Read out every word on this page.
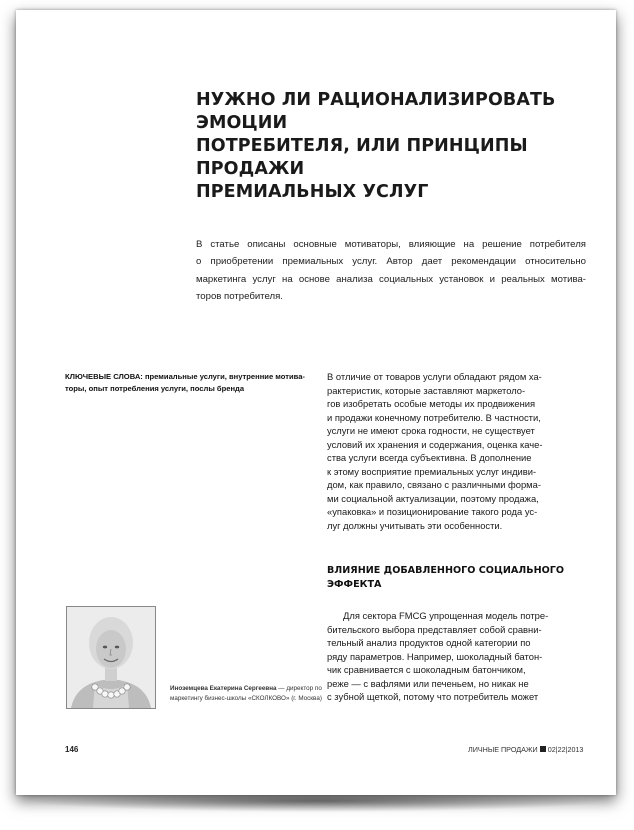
НУЖНО ЛИ РАЦИОНАЛИЗИРОВАТЬ ЭМОЦИИ
ПОТРЕБИТЕЛЯ, ИЛИ ПРИНЦИПЫ ПРОДАЖИ
ПРЕМИАЛЬНЫХ УСЛУГ
В статье описаны основные мотиваторы, влияющие на решение потребителя
о приобретении премиальных услуг. Автор дает рекомендации относительно
маркетинга услуг на основе анализа социальных установок и реальных мотива-
торов потребителя.
КЛЮЧЕВЫЕ СЛОВА: премиальные услуги, внутренние мотива-
торы, опыт потребления услуги, послы бренда
В отличие от товаров услуги обладают рядом ха-
рактеристик, которые заставляют маркетоло-
гов изобретать особые методы их продвижения
и продажи конечному потребителю. В частности,
услуги не имеют срока годности, не существует
условий их хранения и содержания, оценка каче-
ства услуги всегда субъективна. В дополнение
к этому восприятие премиальных услуг индиви-
дом, как правило, связано с различными форма-
ми социальной актуализации, поэтому продажа,
«упаковка» и позиционирование такого рода ус-
луг должны учитывать эти особенности.
ВЛИЯНИЕ ДОБАВЛЕННОГО СОЦИАЛЬНОГО
ЭФФЕКТА
Для сектора FMCG упрощенная модель потре-
бительского выбора представляет собой сравни-
тельный анализ продуктов одной категории по
ряду параметров. Например, шоколадный батон-
чик сравнивается с шоколадным батончиком,
реже — с вафлями или печеньем, но никак не
с зубной щеткой, потому что потребитель может
Иноземцева Екатерина Сергеевна — директор по
маркетингу бизнес-школы «СКОЛКОВО» (г. Москва)
146	ЛИЧНЫЕ ПРОДАЖИ 02|22|2013
